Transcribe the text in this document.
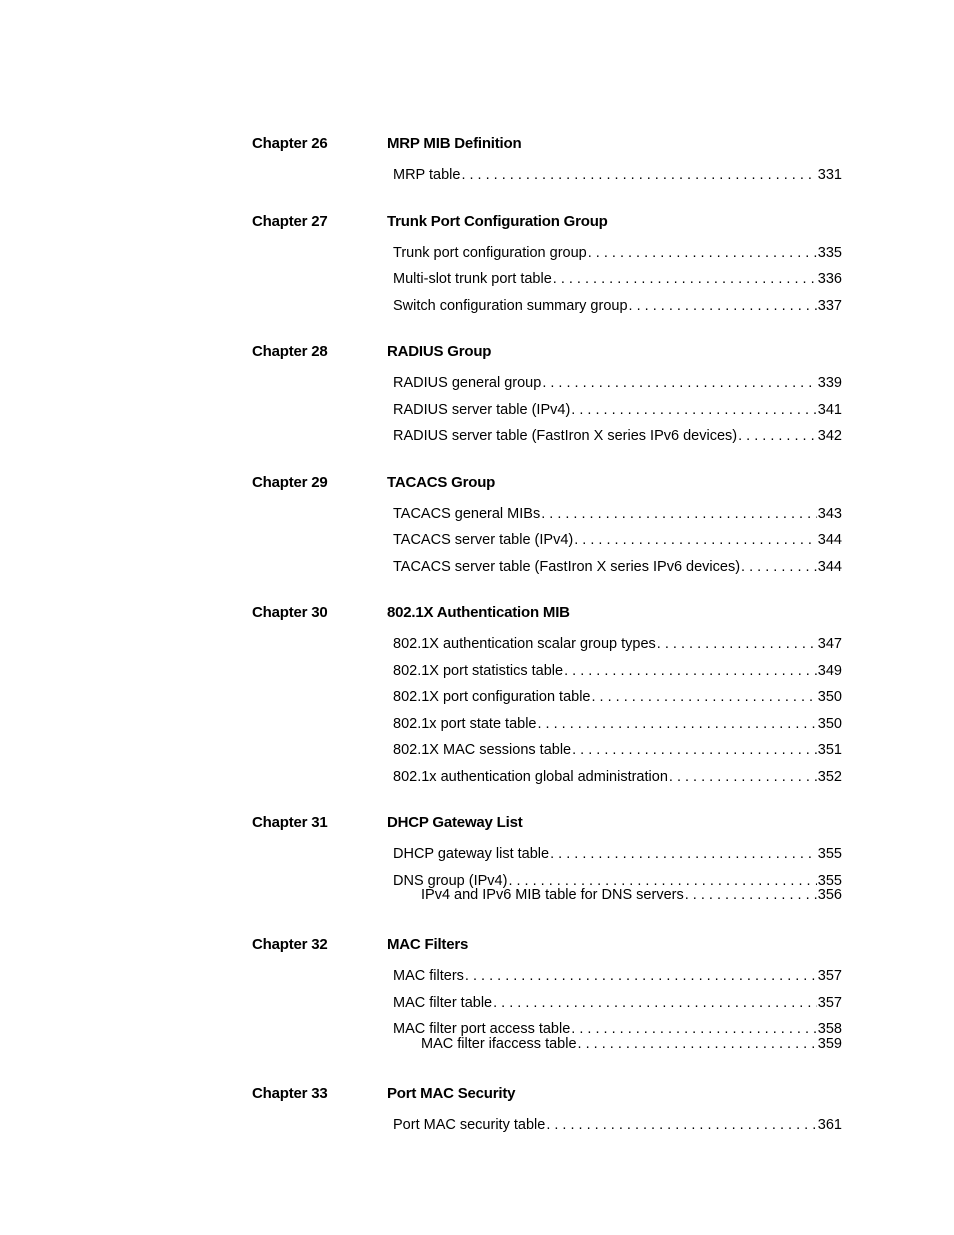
Chapter 26	MRP MIB Definition
MRP table . . .	331
Chapter 27	Trunk Port Configuration Group
Trunk port configuration group . . .	335
Multi-slot trunk port table . . .	336
Switch configuration summary group . . .	337
Chapter 28	RADIUS Group
RADIUS general group . . .	339
RADIUS server table (IPv4) . . .	341
RADIUS server table (FastIron X series IPv6 devices) . . .	342
Chapter 29	TACACS Group
TACACS general MIBs . . .	343
TACACS server table (IPv4) . . .	344
TACACS server table (FastIron X series IPv6 devices) . . .	344
Chapter 30	802.1X Authentication MIB
802.1X authentication scalar group types . . .	347
802.1X port statistics table . . .	349
802.1X port configuration table . . .	350
802.1x port state table . . .	350
802.1X MAC sessions table . . .	351
802.1x authentication global administration . . .	352
Chapter 31	DHCP Gateway List
DHCP gateway list table . . .	355
DNS group (IPv4) . . .	355
IPv4 and IPv6 MIB table for DNS servers . . .	356
Chapter 32	MAC Filters
MAC filters . . .	357
MAC filter table . . .	357
MAC filter port access table . . .	358
MAC filter ifaccess table . . .	359
Chapter 33	Port MAC Security
Port MAC security table . . .	361
